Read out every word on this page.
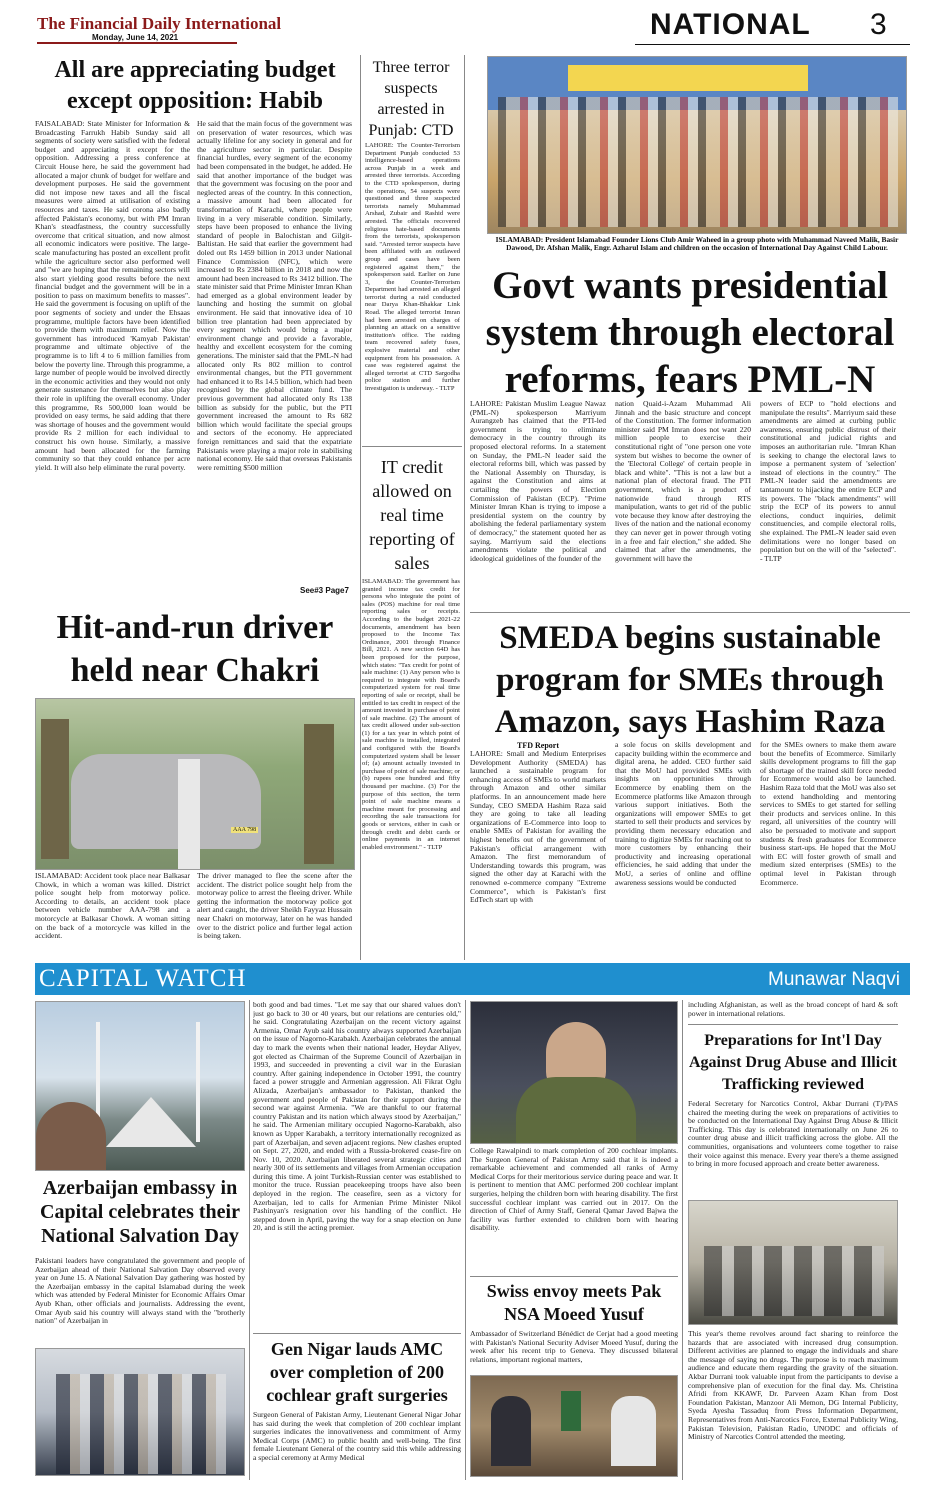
The Financial Daily International
Monday, June 14, 2021	NATIONAL 3
All are appreciating budget except opposition: Habib

FAISALABAD: State Minister for Information & Broadcasting Farrukh Habib Sunday said all segments of society were satisfied with the federal budget and appreciating it except for the opposition. Addressing a press conference at Circuit House here, he said the government had allocated a major chunk of budget for welfare and development purposes. He said the government did not impose new taxes and all the fiscal measures were aimed at utilisation of existing resources and taxes. He said corona also badly affected Pakistan's economy, but with PM Imran Khan's steadfastness, the country successfully overcome that critical situation, and now almost all economic indicators were positive. The large-scale manufacturing has posted an excellent profit while the agriculture sector also performed well and "we are hoping that the remaining sectors will also start yielding good results before the next financial budget and the government will be in a position to pass on maximum benefits to masses". He said the government is focusing on uplift of the poor segments of society and under the Ehsaas programme, multiple factors have been identified to provide them with maximum relief. Now the government has introduced 'Kamyab Pakistan' programme and ultimate objective of the programme is to lift 4 to 6 million families from below the poverty line. Through this programme, a large number of people would be involved directly in the economic activities and they would not only generate sustenance for themselves but also play their role in uplifting the overall economy. Under this programme, Rs 500,000 loan would be provided on easy terms, he said adding that there was shortage of houses and the government would provide Rs 2 million for each individual to construct his own house. Similarly, a massive amount had been allocated for the farming community so that they could enhance per acre yield. It will also help eliminate the rural poverty.

He said that the main focus of the government was on preservation of water resources, which was actually lifeline for any society in general and for the agriculture sector in particular. Despite financial hurdles, every segment of the economy had been compensated in the budget, he added. He said that another importance of the budget was that the government was focusing on the poor and neglected areas of the country. In this connection, a massive amount had been allocated for transformation of Karachi, where people were living in a very miserable condition. Similarly, steps have been proposed to enhance the living standard of people in Balochistan and Gilgit-Baltistan. He said that earlier the government had doled out Rs 1459 billion in 2013 under National Finance Commission (NFC), which were increased to Rs 2384 billion in 2018 and now the amount had been increased to Rs 3412 billion. The state minister said that Prime Minister Imran Khan had emerged as a global environment leader by launching and hosting the summit on global environment. He said that innovative idea of 10 billion tree plantation had been appreciated by every segment which would bring a major environment change and provide a favorable, healthy and excellent ecosystem for the coming generations. The minister said that the PML-N had allocated only Rs 802 million to control environmental changes, but the PTI government had enhanced it to Rs 14.5 billion, which had been recognised by the global climate fund. The previous government had allocated only Rs 138 billion as subsidy for the public, but the PTI government increased the amount to Rs 682 billion which would facilitate the special groups and sectors of the economy. He appreciated foreign remittances and said that the expatriate Pakistanis were playing a major role in stabilising national economy. He said that overseas Pakistanis were remitting $500 million

See#3 Page7
Three terror suspects arrested in Punjab: CTD

LAHORE: The Counter-Terrorism Department Punjab conducted 53 intelligence-based operations across Punjab in a week and arrested three terrorists. According to the CTD spokesperson, during the operations, 54 suspects were questioned and three suspected terrorists namely Muhammad Arshad, Zubair and Rashid were arrested. The officials recovered religious hate-based documents from the terrorists, spokesperson said. "Arrested terror suspects have been affiliated with an outlawed group and cases have been registered against them," the spokesperson said. Earlier on June 3, the Counter-Terrorism Department had arrested an alleged terrorist during a raid conducted near Darya Khan-Bhakkar Link Road. The alleged terrorist Imran had been arrested on charges of planning an attack on a sensitive institution's office. The raiding team recovered safety fuses, explosive material and other equipment from his possession. A case was registered against the alleged terrorist at CTD Sargodha police station and further investigation is underway. - TLTP

IT credit allowed on real time reporting of sales

ISLAMABAD: The government has granted income tax credit for persons who integrate the point of sales (POS) machine for real time reporting sales or receipts. According to the budget 2021-22 documents, amendment has been proposed to the Income Tax Ordinance, 2001 through Finance Bill, 2021. A new section 64D has been proposed for the purpose, which states: "Tax credit for point of sale machine: (1) Any person who is required to integrate with Board's computerized system for real time reporting of sale or receipt, shall be entitled to tax credit in respect of the amount invested in purchase of point of sale machine. (2) The amount of tax credit allowed under sub-section (1) for a tax year in which point of sale machine is installed, integrated and configured with the Board's computerized system shall be lesser of; (a) amount actually invested in purchase of point of sale machine; or (b) rupees one hundred and fifty thousand per machine. (3) For the purpose of this section, the term point of sale machine means a machine meant for processing and recording the sale transactions for goods or services, either in cash or through credit and debit cards or online payments in an internet enabled environment." - TLTP

ISLAMABAD: President Islamabad Founder Lions Club Amir Waheed in a group photo with Muhammad Naveed Malik, Basir Dawood, Dr. Afshan Malik, Engr. Azharul Islam and children on the occasion of International Day Against Child Labour.
Govt wants presidential system through electoral reforms, fears PML-N

LAHORE: Pakistan Muslim League Nawaz (PML-N) spokesperson Marriyum Aurangzeb has claimed that the PTI-led government is trying to eliminate democracy in the country through its proposed electoral reforms. In a statement on Sunday, the PML-N leader said the electoral reforms bill, which was passed by the National Assembly on Thursday, is against the Constitution and aims at curtailing the powers of Election Commission of Pakistan (ECP). "Prime Minister Imran Khan is trying to impose a presidential system on the country by abolishing the federal parliamentary system of democracy," the statement quoted her as saying. Marriyum said the elections amendments violate the political and ideological guidelines of the founder of the

nation Quaid-i-Azam Muhammad Ali Jinnah and the basic structure and concept of the Constitution. The former information minister said PM Imran does not want 220 million people to exercise their constitutional right of "one person one vote system but wishes to become the owner of the 'Electoral College' of certain people in black and white". "This is not a law but a national plan of electoral fraud. The PTI government, which is a product of nationwide fraud through RTS manipulation, wants to get rid of the public vote because they know after destroying the lives of the nation and the national economy they can never get in power through voting in a free and fair election," she added. She claimed that after the amendments, the government will have the

powers of ECP to "hold elections and manipulate the results". Marriyum said these amendments are aimed at curbing public awareness, ensuring public distrust of their constitutional and judicial rights and imposes an authoritarian rule. "Imran Khan is seeking to change the electoral laws to impose a permanent system of 'selection' instead of elections in the country." The PML-N leader said the amendments are tantamount to hijacking the entire ECP and its powers. The "black amendments" will strip the ECP of its powers to annul elections, conduct inquiries, delimit constituencies, and compile electoral rolls, she explained. The PML-N leader said even delimitations were no longer based on population but on the will of the "selected". - TLTP

Hit-and-run driver held near Chakri
AAA 798

ISLAMABAD: Accident took place near Balkasar Chowk, in which a woman was killed. District police sought help from motorway police. According to details, an accident took place between vehicle number AAA-798 and a motorcycle at Balkasar Chowk. A woman sitting on the back of a motorcycle was killed in the accident.

The driver managed to flee the scene after the accident. The district police sought help from the motorway police to arrest the fleeing driver. While getting the information the motorway police got alert and caught, the driver Sheikh Fayyaz Hussain near Chakri on motorway, later on he was handed over to the district police and further legal action is being taken.

SMEDA begins sustainable program for SMEs through Amazon, says Hashim Raza
TFD Report

LAHORE: Small and Medium Enterprises Development Authority (SMEDA) has launched a sustainable program for enhancing access of SMEs to world markets through Amazon and other similar platforms. In an announcement made here Sunday, CEO SMEDA Hashim Raza said they are going to take all leading organizations of E-Commerce into loop to enable SMEs of Pakistan for availing the highest benefits out of the government of Pakistan's official arrangement with Amazon. The first memorandum of Understanding towards this program, was signed the other day at Karachi with the renowned e-commerce company "Extreme Commerce", which is Pakistan's first EdTech start up with

a sole focus on skills development and capacity building within the ecommerce and digital arena, he added. CEO further said that the MoU had provided SMEs with insights on opportunities through Ecommerce by enabling them on the Ecommerce platforms like Amazon through various support initiatives. Both the organizations will empower SMEs to get started to sell their products and services by providing them necessary education and training to digitize SMEs for reaching out to more customers by enhancing their productivity and increasing operational efficiencies, he said adding that under the MoU, a series of online and offline awareness sessions would be conducted

for the SMEs owners to make them aware bout the benefits of Ecommerce. Similarly skills development programs to fill the gap of shortage of the trained skill force needed for Ecommerce would also be launched. Hashim Raza told that the MoU was also set to extend handholding and mentoring services to SMEs to get started for selling their products and services online. In this regard, all universities of the country will also be persuaded to motivate and support students & fresh graduates for Ecommerce business start-ups. He hoped that the MoU with EC will foster growth of small and medium sized enterprises (SMEs) to the optimal level in Pakistan through Ecommerce.

CAPITAL WATCH	Munawar Naqvi
Azerbaijan embassy in Capital celebrates their National Salvation Day

Pakistani leaders have congratulated the government and people of Azerbaijan ahead of their National Salvation Day observed every year on June 15. A National Salvation Day gathering was hosted by the Azerbaijan embassy in the capital Islamabad during the week which was attended by Federal Minister for Economic Affairs Omar Ayub Khan, other officials and journalists. Addressing the event, Omar Ayub said his country will always stand with the "brotherly nation" of Azerbaijan in

both good and bad times. "Let me say that our shared values don't just go back to 30 or 40 years, but our relations are centuries old," he said. Congratulating Azerbaijan on the recent victory against Armenia, Omar Ayub said his country always supported Azerbaijan on the issue of Nagorno-Karabakh. Azerbaijan celebrates the annual day to mark the events when their national leader, Heydar Aliyev, got elected as Chairman of the Supreme Council of Azerbaijan in 1993, and succeeded in preventing a civil war in the Eurasian country. After gaining independence in October 1991, the country faced a power struggle and Armenian aggression. Ali Fikrat Oglu Alizada, Azerbaijan's ambassador to Pakistan, thanked the government and people of Pakistan for their support during the second war against Armenia. "We are thankful to our fraternal country Pakistan and its nation which always stood by Azerbaijan," he said. The Armenian military occupied Nagorno-Karabakh, also known as Upper Karabakh, a territory internationally recognized as part of Azerbaijan, and seven adjacent regions. New clashes erupted on Sept. 27, 2020, and ended with a Russia-brokered cease-fire on Nov. 10, 2020. Azerbaijan liberated several strategic cities and nearly 300 of its settlements and villages from Armenian occupation during this time. A joint Turkish-Russian center was established to monitor the truce. Russian peacekeeping troops have also been deployed in the region. The ceasefire, seen as a victory for Azerbaijan, led to calls for Armenian Prime Minister Nikol Pashinyan's resignation over his handling of the conflict. He stepped down in April, paving the way for a snap election on June 20, and is still the acting premier.

Gen Nigar lauds AMC over completion of 200 cochlear graft surgeries

Surgeon General of Pakistan Army, Lieutenant General Nigar Johar has said during the week that completion of 200 cochlear implant surgeries indicates the innovativeness and commitment of Army Medical Corps (AMC) to public health and well-being. The first female Lieutenant General of the country said this while addressing a special ceremony at Army Medical

College Rawalpindi to mark completion of 200 cochlear implants. The Surgeon General of Pakistan Army said that it is indeed a remarkable achievement and commended all ranks of Army Medical Corps for their meritorious service during peace and war. It is pertinent to mention that AMC performed 200 cochlear implant surgeries, helping the children born with hearing disability. The first successful cochlear implant was carried out in 2017. On the direction of Chief of Army Staff, General Qamar Javed Bajwa the facility was further extended to children born with hearing disability.

Swiss envoy meets Pak NSA Moeed Yusuf

Ambassador of Switzerland Bénédict de Cerjat had a good meeting with Pakistan's National Security Adviser Moeed Yusuf, during the week after his recent trip to Geneva. They discussed bilateral relations, important regional matters,

including Afghanistan, as well as the broad concept of hard & soft power in international relations.

Preparations for Int'l Day Against Drug Abuse and Illicit Trafficking reviewed

Federal Secretary for Narcotics Control, Akbar Durrani (T)/PAS chaired the meeting during the week on preparations of activities to be conducted on the International Day Against Drug Abuse & Illicit Trafficking. This day is celebrated internationally on June 26 to counter drug abuse and illicit trafficking across the globe. All the communities, organisations and volunteers come together to raise their voice against this menace. Every year there's a theme assigned to bring in more focused approach and create better awareness.

This year's theme revolves around fact sharing to reinforce the hazards that are associated with increased drug consumption. Different activities are planned to engage the individuals and share the message of saying no drugs. The purpose is to reach maximum audience and educate them regarding the gravity of the situation. Akbar Durrani took valuable input from the participants to devise a comprehensive plan of execution for the final day. Ms. Christina Afridi from KKAWF, Dr. Parveen Azam Khan from Dost Foundation Pakistan, Manzoor Ali Memon, DG Internal Publicity, Syeda Ayesha Tassaduq from Press Information Department, Representatives from Anti-Narcotics Force, External Publicity Wing, Pakistan Television, Pakistan Radio, UNODC and officials of Ministry of Narcotics Control attended the meeting.
